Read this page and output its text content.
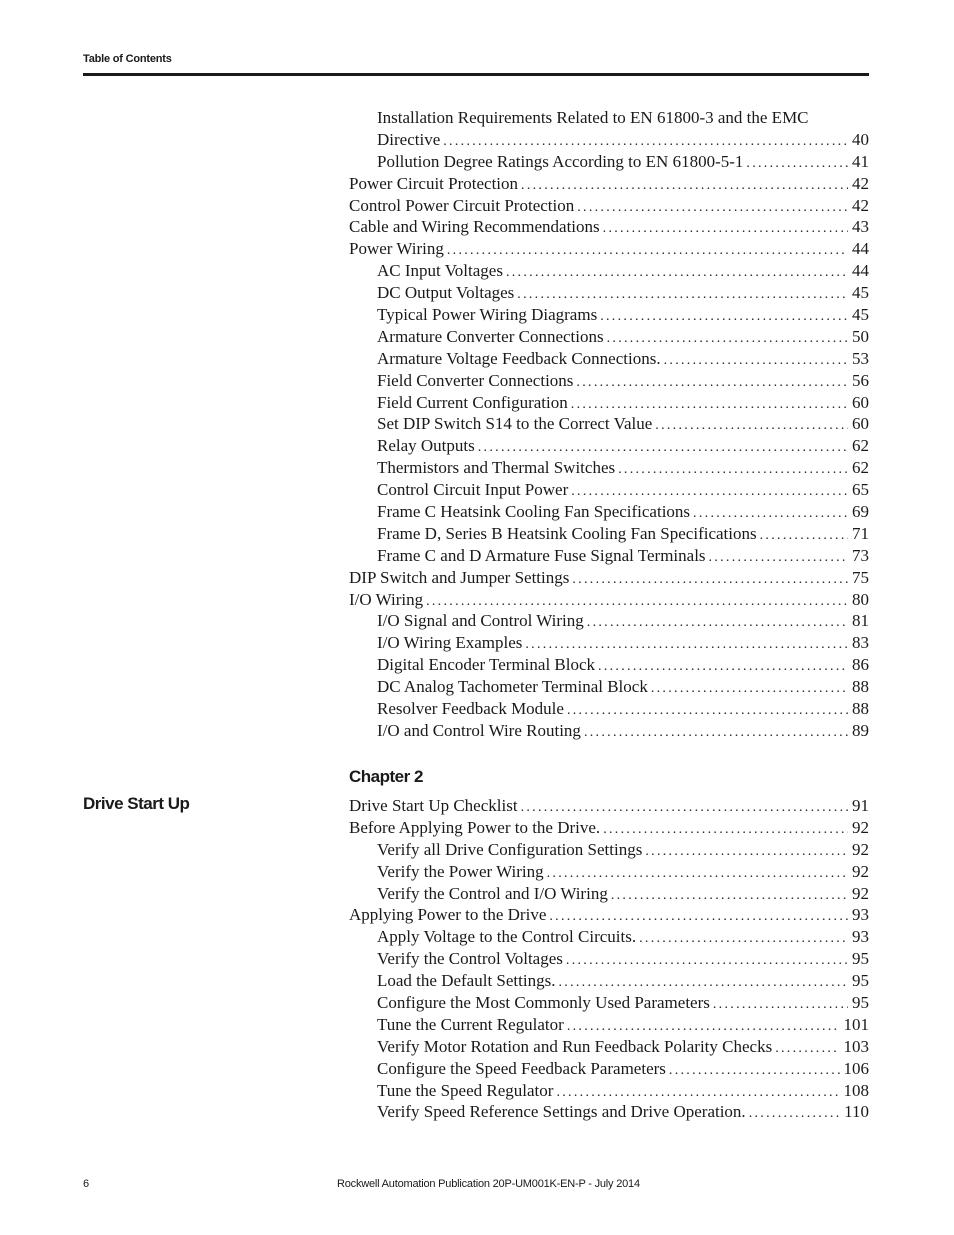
Table of Contents
Installation Requirements Related to EN 61800-3 and the EMC
Directive . . .	40
Pollution Degree Ratings According to EN 61800-5-1 . . .	41
Power Circuit Protection . . .	42
Control Power Circuit Protection . . .	42
Cable and Wiring Recommendations . . .	43
Power Wiring . . .	44
AC Input Voltages . . .	44
DC Output Voltages . . .	45
Typical Power Wiring Diagrams . . .	45
Armature Converter Connections . . .	50
Armature Voltage Feedback Connections. . . .	53
Field Converter Connections . . .	56
Field Current Configuration . . .	60
Set DIP Switch S14 to the Correct Value . . .	60
Relay Outputs . . .	62
Thermistors and Thermal Switches . . .	62
Control Circuit Input Power . . .	65
Frame C Heatsink Cooling Fan Specifications . . .	69
Frame D, Series B Heatsink Cooling Fan Specifications . . .	71
Frame C and D Armature Fuse Signal Terminals . . .	73
DIP Switch and Jumper Settings . . .	75
I/O Wiring . . .	80
I/O Signal and Control Wiring . . .	81
I/O Wiring Examples . . .	83
Digital Encoder Terminal Block . . .	86
DC Analog Tachometer Terminal Block . . .	88
Resolver Feedback Module . . .	88
I/O and Control Wire Routing . . .	89
Chapter 2
Drive Start Up	Drive Start Up Checklist . . .	91
Before Applying Power to the Drive. . . .	92
Verify all Drive Configuration Settings . . .	92
Verify the Power Wiring . . .	92
Verify the Control and I/O Wiring . . .	92
Applying Power to the Drive . . .	93
Apply Voltage to the Control Circuits. . . .	93
Verify the Control Voltages . . .	95
Load the Default Settings. . . .	95
Configure the Most Commonly Used Parameters . . .	95
Tune the Current Regulator . . .	101
Verify Motor Rotation and Run Feedback Polarity Checks . . .	103
Configure the Speed Feedback Parameters . . .	106
Tune the Speed Regulator . . .	108
Verify Speed Reference Settings and Drive Operation. . . .	110
6	Rockwell Automation Publication 20P-UM001K-EN-P - July 2014
